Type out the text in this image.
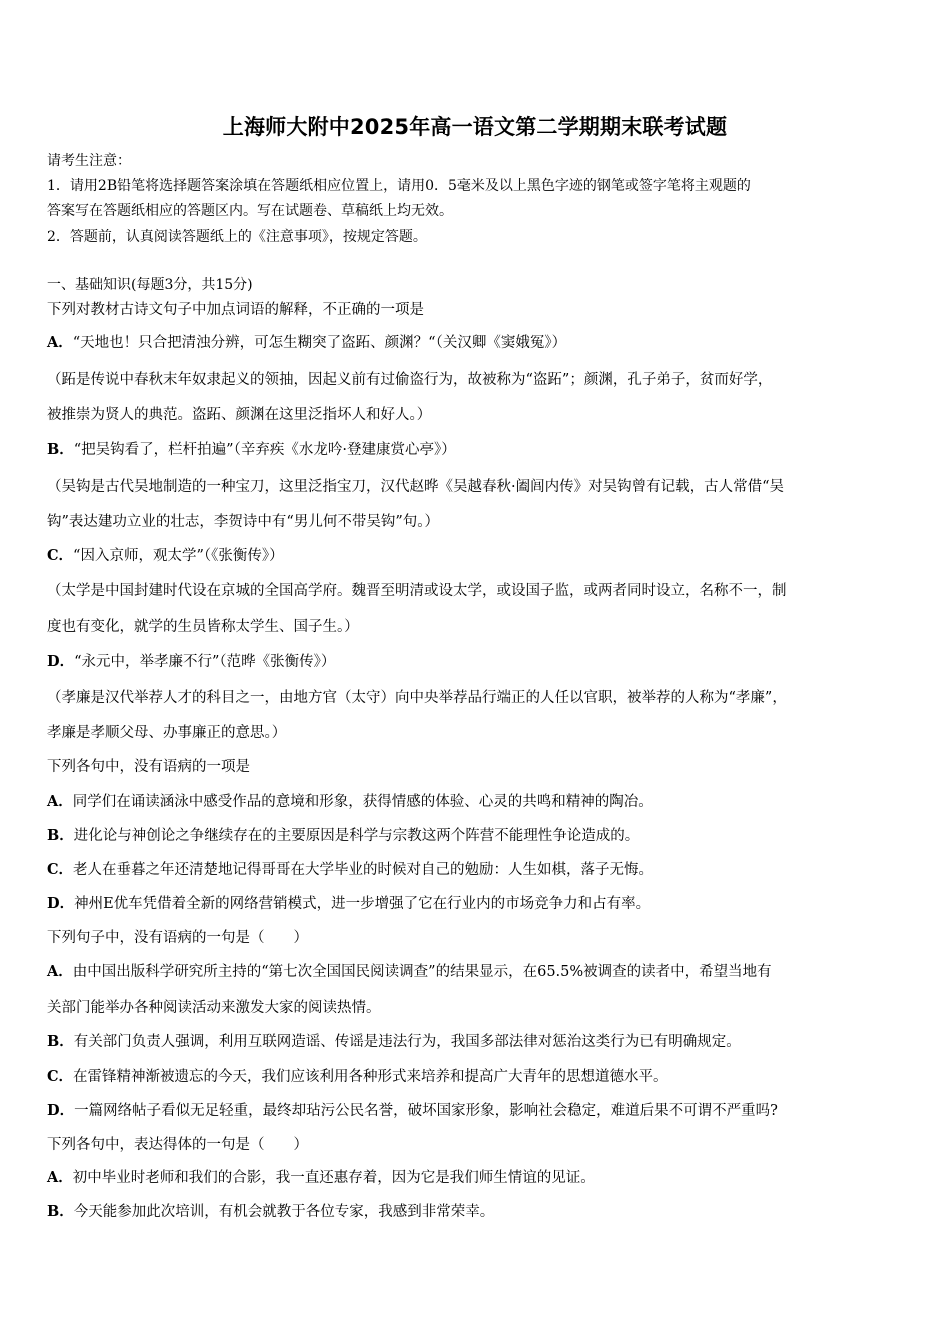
上海师大附中2025年高一语文第二学期期末联考试题
请考生注意：
1．请用2B铅笔将选择题答案涂填在答题纸相应位置上，请用0．5毫米及以上黑色字迹的钢笔或签字笔将主观题的
答案写在答题纸相应的答题区内。写在试题卷、草稿纸上均无效。
2．答题前，认真阅读答题纸上的《注意事项》，按规定答题。
一、基础知识(每题3分，共15分)
下列对教材古诗文句子中加点词语的解释，不正确的一项是
A．“天地也！只合把清浊分辨，可怎生糊突了盗跖、颜渊？“（关汉卿《窦娥冤》）
（跖是传说中春秋末年奴隶起义的领抽，因起义前有过偷盗行为，故被称为“盗跖”；颜渊，孔子弟子，贫而好学，
被推崇为贤人的典范。盗跖、颜渊在这里泛指坏人和好人。）
B．“把吴钩看了，栏杆拍遍”（辛弃疾《水龙吟·登建康赏心亭》）
（吴钩是古代吴地制造的一种宝刀，这里泛指宝刀，汉代赵晔《吴越春秋·阖闾内传》对吴钩曾有记载，古人常借“吴
钩”表达建功立业的壮志，李贺诗中有“男儿何不带吴钩”句。）
C．“因入京师，观太学”（《张衡传》）
（太学是中国封建时代设在京城的全国高学府。魏晋至明清或设太学，或设国子监，或两者同时设立，名称不一，制
度也有变化，就学的生员皆称太学生、国子生。）
D．“永元中，举孝廉不行”（范晔《张衡传》）
（孝廉是汉代举荐人才的科目之一，由地方官（太守）向中央举荐品行端正的人任以官职，被举荐的人称为“孝廉”，
孝廉是孝顺父母、办事廉正的意思。）
下列各句中，没有语病的一项是
A．同学们在诵读涵泳中感受作品的意境和形象，获得情感的体验、心灵的共鸣和精神的陶冶。
B．进化论与神创论之争继续存在的主要原因是科学与宗教这两个阵营不能理性争论造成的。
C．老人在垂暮之年还清楚地记得哥哥在大学毕业的时候对自己的勉励：人生如棋，落子无悔。
D．神州E优车凭借着全新的网络营销模式，进一步增强了它在行业内的市场竞争力和占有率。
下列句子中，没有语病的一句是（　　）
A．由中国出版科学研究所主持的“第七次全国国民阅读调查”的结果显示，在65.5%被调查的读者中，希望当地有
关部门能举办各种阅读活动来激发大家的阅读热情。
B．有关部门负责人强调，利用互联网造谣、传谣是违法行为，我国多部法律对惩治这类行为已有明确规定。
C．在雷锋精神渐被遗忘的今天，我们应该利用各种形式来培养和提高广大青年的思想道德水平。
D．一篇网络帖子看似无足轻重，最终却玷污公民名誉，破坏国家形象，影响社会稳定，难道后果不可谓不严重吗?
下列各句中，表达得体的一句是（　　）
A．初中毕业时老师和我们的合影，我一直还惠存着，因为它是我们师生情谊的见证。
B．今天能参加此次培训，有机会就教于各位专家，我感到非常荣幸。
